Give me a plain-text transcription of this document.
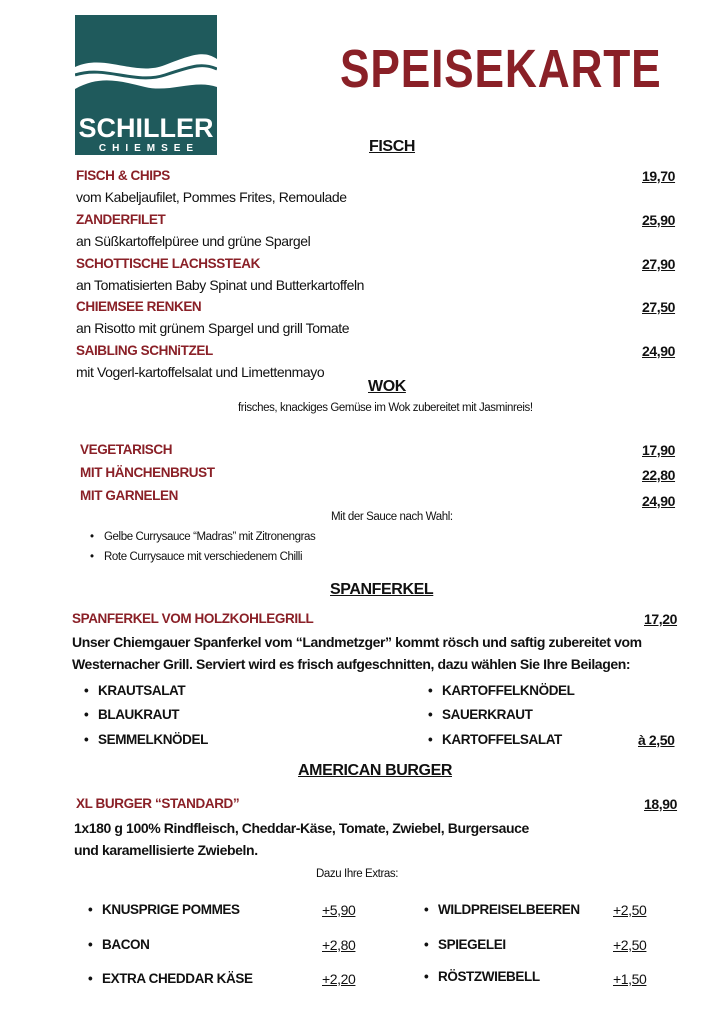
SCHILLER
CHIEMSEE
SPEISEKARTE
FISCH
FISCH & CHIPS	19,70
vom Kabeljaufilet, Pommes Frites, Remoulade
ZANDERFILET	25,90
an Süßkartoffelpüree und grüne Spargel
SCHOTTISCHE LACHSSTEAK	27,90
an Tomatisierten Baby Spinat und Butterkartoffeln
CHIEMSEE RENKEN	27,50
an Risotto mit grünem Spargel und grill Tomate
SAIBLING SCHNiTZEL	24,90
mit Vogerl-kartoffelsalat und Limettenmayo
WOK
frisches, knackiges Gemüse im Wok zubereitet mit Jasminreis!
VEGETARISCH	17,90
MIT HÄNCHENBRUST	22,80
MIT GARNELEN	24,90
Mit der Sauce nach Wahl:
• Gelbe Currysauce “Madras” mit Zitronengras
• Rote Currysauce mit verschiedenem Chilli
SPANFERKEL
SPANFERKEL VOM HOLZKOHLEGRILL	17,20
Unser Chiemgauer Spanferkel vom “Landmetzger” kommt rösch und saftig zubereitet vom
Westernacher Grill. Serviert wird es frisch aufgeschnitten, dazu wählen Sie Ihre Beilagen:
• KRAUTSALAT
• BLAUKRAUT
• SEMMELKNÖDEL
• KARTOFFELKNÖDEL
• SAUERKRAUT
• KARTOFFELSALAT	à 2,50
AMERICAN BURGER
XL BURGER “STANDARD”	18,90
1x180 g 100% Rindfleisch, Cheddar-Käse, Tomate, Zwiebel, Burgersauce
und karamellisierte Zwiebeln.
Dazu Ihre Extras:
• KNUSPRIGE POMMES	+5,90
• BACON	+2,80
• EXTRA CHEDDAR KÄSE	+2,20
• WILDPREISELBEEREN +2,50
• SPIEGELEI	+2,50
• RÖSTZWIEBELL	+1,50
